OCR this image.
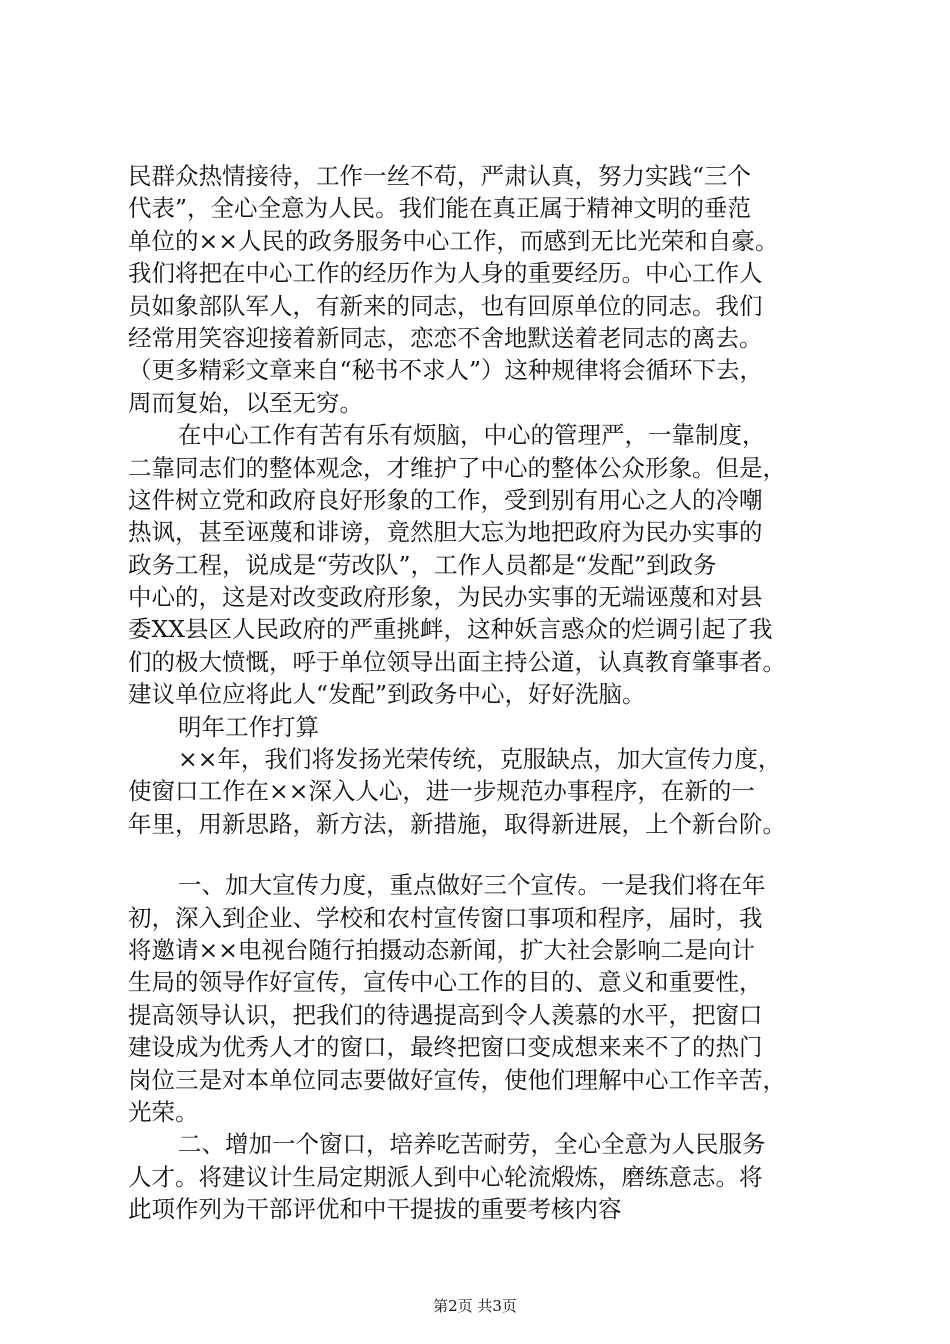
民群众热情接待，工作一丝不苟，严肃认真，努力实践“三个
代表”，全心全意为人民。我们能在真正属于精神文明的垂范
单位的××人民的政务服务中心工作，而感到无比光荣和自豪。
我们将把在中心工作的经历作为人身的重要经历。中心工作人
员如象部队军人，有新来的同志，也有回原单位的同志。我们
经常用笑容迎接着新同志，恋恋不舍地默送着老同志的离去。
（更多精彩文章来自“秘书不求人”）这种规律将会循环下去，
周而复始，以至无穷。
在中心工作有苦有乐有烦脑，中心的管理严，一靠制度，
二靠同志们的整体观念，才维护了中心的整体公众形象。但是，
这件树立党和政府良好形象的工作，受到别有用心之人的冷嘲
热讽，甚至诬蔑和诽谤，竟然胆大忘为地把政府为民办实事的
政务工程，说成是“劳改队”，工作人员都是“发配”到政务
中心的，这是对改变政府形象，为民办实事的无端诬蔑和对县
委XX县区人民政府的严重挑衅，这种妖言惑众的烂调引起了我
们的极大愤慨，呼于单位领导出面主持公道，认真教育肇事者。
建议单位应将此人“发配”到政务中心，好好洗脑。
明年工作打算
××年，我们将发扬光荣传统，克服缺点，加大宣传力度，
使窗口工作在××深入人心，进一步规范办事程序，在新的一
年里，用新思路，新方法，新措施，取得新进展，上个新台阶。
一、加大宣传力度，重点做好三个宣传。一是我们将在年
初，深入到企业、学校和农村宣传窗口事项和程序，届时，我
将邀请××电视台随行拍摄动态新闻，扩大社会影响二是向计
生局的领导作好宣传，宣传中心工作的目的、意义和重要性，
提高领导认识，把我们的待遇提高到令人羡慕的水平，把窗口
建设成为优秀人才的窗口，最终把窗口变成想来来不了的热门
岗位三是对本单位同志要做好宣传，使他们理解中心工作辛苦，
光荣。
二、增加一个窗口，培养吃苦耐劳，全心全意为人民服务
人才。将建议计生局定期派人到中心轮流煅炼，磨练意志。将
此项作列为干部评优和中干提拔的重要考核内容
第2页 共3页
